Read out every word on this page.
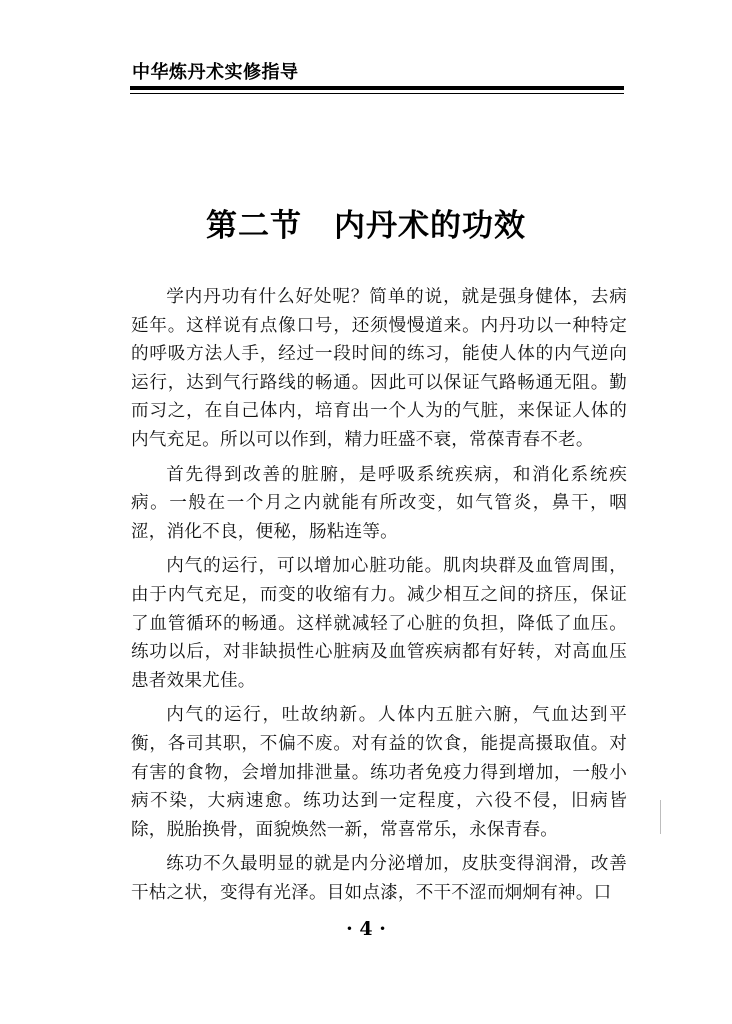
中华炼丹术实修指导
第二节　内丹术的功效

学内丹功有什么好处呢？简单的说，就是强身健体，去病延年。这样说有点像口号，还须慢慢道来。内丹功以一种特定的呼吸方法人手，经过一段时间的练习，能使人体的内气逆向运行，达到气行路线的畅通。因此可以保证气路畅通无阻。勤而习之，在自己体内，培育出一个人为的气脏，来保证人体的内气充足。所以可以作到，精力旺盛不衰，常葆青春不老。

首先得到改善的脏腑，是呼吸系统疾病，和消化系统疾病。一般在一个月之内就能有所改变，如气管炎，鼻干，咽涩，消化不良，便秘，肠粘连等。

内气的运行，可以增加心脏功能。肌肉块群及血管周围，由于内气充足，而变的收缩有力。减少相互之间的挤压，保证了血管循环的畅通。这样就减轻了心脏的负担，降低了血压。练功以后，对非缺损性心脏病及血管疾病都有好转，对高血压患者效果尤佳。

内气的运行，吐故纳新。人体内五脏六腑，气血达到平衡，各司其职，不偏不废。对有益的饮食，能提高摄取值。对有害的食物，会增加排泄量。练功者免疫力得到增加，一般小病不染，大病速愈。练功达到一定程度，六役不侵，旧病皆除，脱胎换骨，面貌焕然一新，常喜常乐，永保青春。

练功不久最明显的就是内分泌增加，皮肤变得润滑，改善干枯之状，变得有光泽。目如点漆，不干不涩而炯炯有神。口

· 4 ·
